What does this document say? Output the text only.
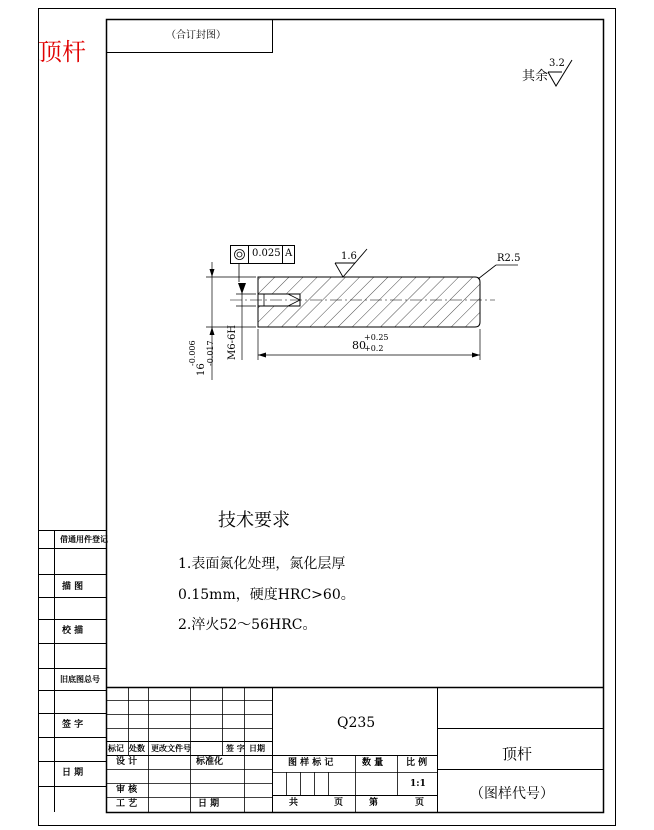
顶杆
（合订封图）
其余
3.2
0.025 A	1.6	R2.5
80
+0.25
+0.2
M6-6H
16
-0.006 -0.017
技术要求
1.表面氮化处理，氮化层厚
0.15mm，硬度HRC>60。
2.淬火52～56HRC。
借通用件登记
描 图
校 描
旧底图总号
签 字
日 期
Q235
顶杆
（图样代号）
标记 处数 更改文件号	签 字 日期
设 计	标准化
审 核
工 艺	日 期
图 样 标 记	数 量	比 例
1:1
共	页	第	页
